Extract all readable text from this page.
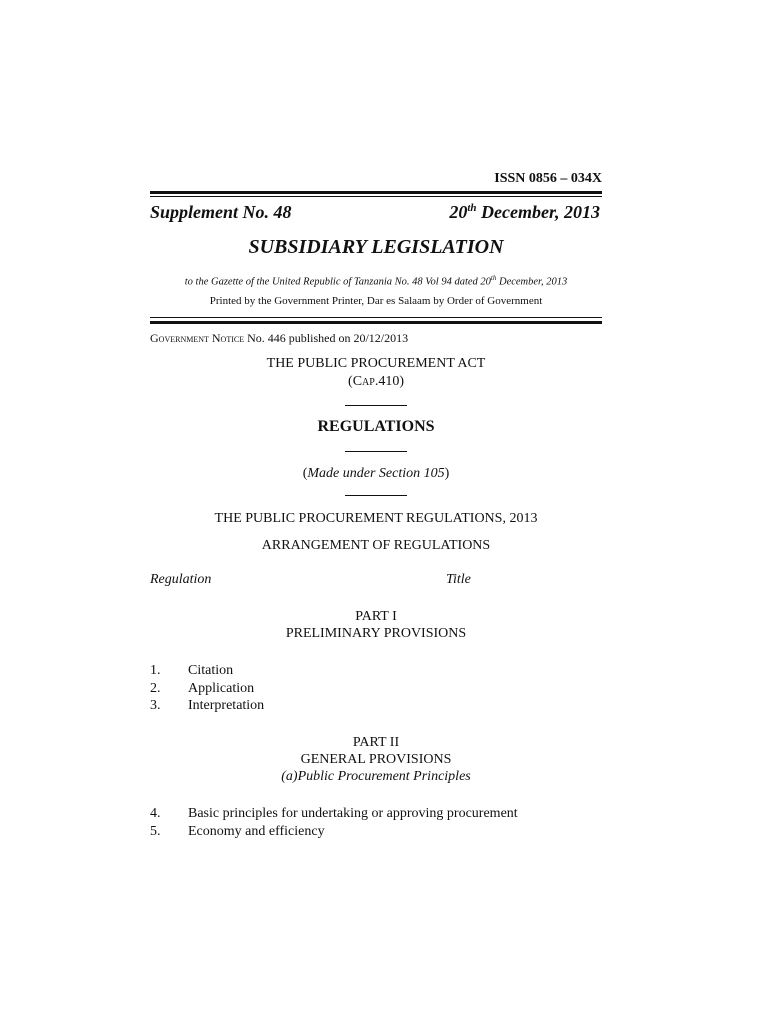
ISSN 0856 – 034X
Supplement No. 48	20th December, 2013
SUBSIDIARY LEGISLATION
to the Gazette of the United Republic of Tanzania No. 48 Vol 94 dated 20th December, 2013
Printed by the Government Printer, Dar es Salaam by Order of Government
Government Notice No. 446 published on 20/12/2013
THE PUBLIC PROCUREMENT ACT
(Cap.410)
REGULATIONS
(Made under Section 105)
THE PUBLIC PROCUREMENT REGULATIONS, 2013
ARRANGEMENT OF REGULATIONS
Regulation	Title
PART I
PRELIMINARY PROVISIONS
1. Citation
2. Application
3. Interpretation
PART II
GENERAL PROVISIONS
(a)Public Procurement Principles
4. Basic principles for undertaking or approving procurement
5. Economy and efficiency
